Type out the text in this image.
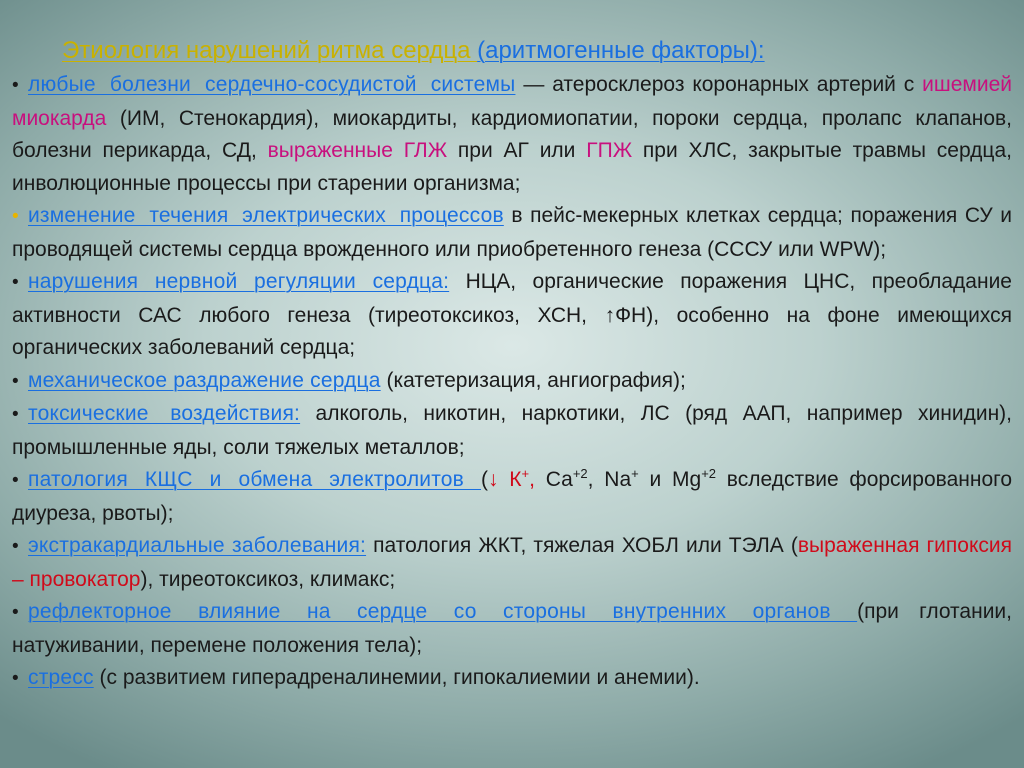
Этиология нарушений ритма сердца (аритмогенные факторы):

• любые болезни сердечно-сосудистой системы — атеросклероз коронарных артерий с ишемией миокарда (ИМ, Стенокардия), миокардиты, кардиомиопатии, пороки сердца, пролапс клапанов, болезни перикарда, СД, выраженные ГЛЖ при АГ или ГПЖ при ХЛС, закрытые травмы сердца, инволюционные процессы при старении организма;

• изменение течения электрических процессов в пейс-мекерных клетках сердца; поражения СУ и проводящей системы сердца врожденного или приобретенного генеза (СССУ или WPW);

• нарушения нервной регуляции сердца: НЦА, органические поражения ЦНС, преобладание активности САС любого генеза (тиреотоксикоз, ХСН, ↑ФН), особенно на фоне имеющихся органических заболеваний сердца;

• механическое раздражение сердца (катетеризация, ангиография);

• токсические воздействия: алкоголь, никотин, наркотики, ЛС (ряд ААП, например хинидин), промышленные яды, соли тяжелых металлов;

• патология КЩС и обмена электролитов (↓ К+, $Са^{+2}$, Na+ и $Mg^{+2}$ вследствие форсированного диуреза, рвоты);

• экстракардиальные заболевания: патология ЖКТ, тяжелая ХОБЛ или ТЭЛА (выраженная гипоксия – провокатор), тиреотоксикоз, климакс;

• рефлекторное влияние на сердце со стороны внутренних органов (при глотании, натуживании, перемене положения тела);

• стресс (с развитием гиперадреналинемии, гипокалиемии и анемии).
